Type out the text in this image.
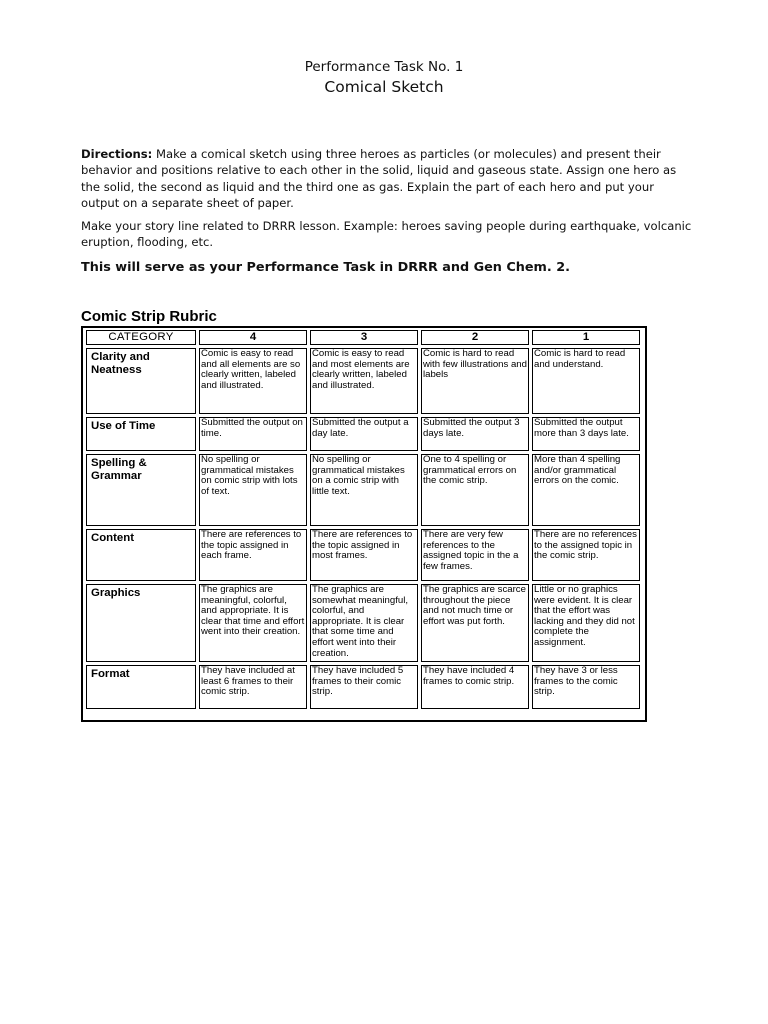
Performance Task No. 1
Comical Sketch
Directions: Make a comical sketch using three heroes as particles (or molecules) and present their behavior and positions relative to each other in the solid, liquid and gaseous state. Assign one hero as the solid, the second as liquid and the third one as gas. Explain the part of each hero and put your output on a separate sheet of paper.
Make your story line related to DRRR lesson. Example: heroes saving people during earthquake, volcanic eruption, flooding, etc.
This will serve as your Performance Task in DRRR and Gen Chem. 2.
Comic Strip Rubric
CATEGORY	4	3	2	1
Clarity and Neatness	Comic is easy to read and all elements are so clearly written, labeled and illustrated.	Comic is easy to read and most elements are clearly written, labeled and illustrated.	Comic is hard to read with few illustrations and labels	Comic is hard to read and understand.
Use of Time	Submitted the output on time.	Submitted the output a day late.	Submitted the output 3 days late.	Submitted the output more than 3 days late.
Spelling & Grammar	No spelling or grammatical mistakes on comic strip with lots of text.	No spelling or grammatical mistakes on a comic strip with little text.	One to 4 spelling or grammatical errors on the comic strip.	More than 4 spelling and/or grammatical errors on the comic.
Content	There are references to the topic assigned in each frame.	There are references to the topic assigned in most frames.	There are very few references to the assigned topic in the a few frames.	There are no references to the assigned topic in the comic strip.
Graphics	The graphics are meaningful, colorful, and appropriate. It is clear that time and effort went into their creation.	The graphics are somewhat meaningful, colorful, and appropriate. It is clear that some time and effort went into their creation.	The graphics are scarce throughout the piece and not much time or effort was put forth.	Little or no graphics were evident. It is clear that the effort was lacking and they did not complete the assignment.
Format	They have included at least 6 frames to their comic strip.	They have included 5 frames to their comic strip.	They have included 4 frames to comic strip.	They have 3 or less frames to the comic strip.
